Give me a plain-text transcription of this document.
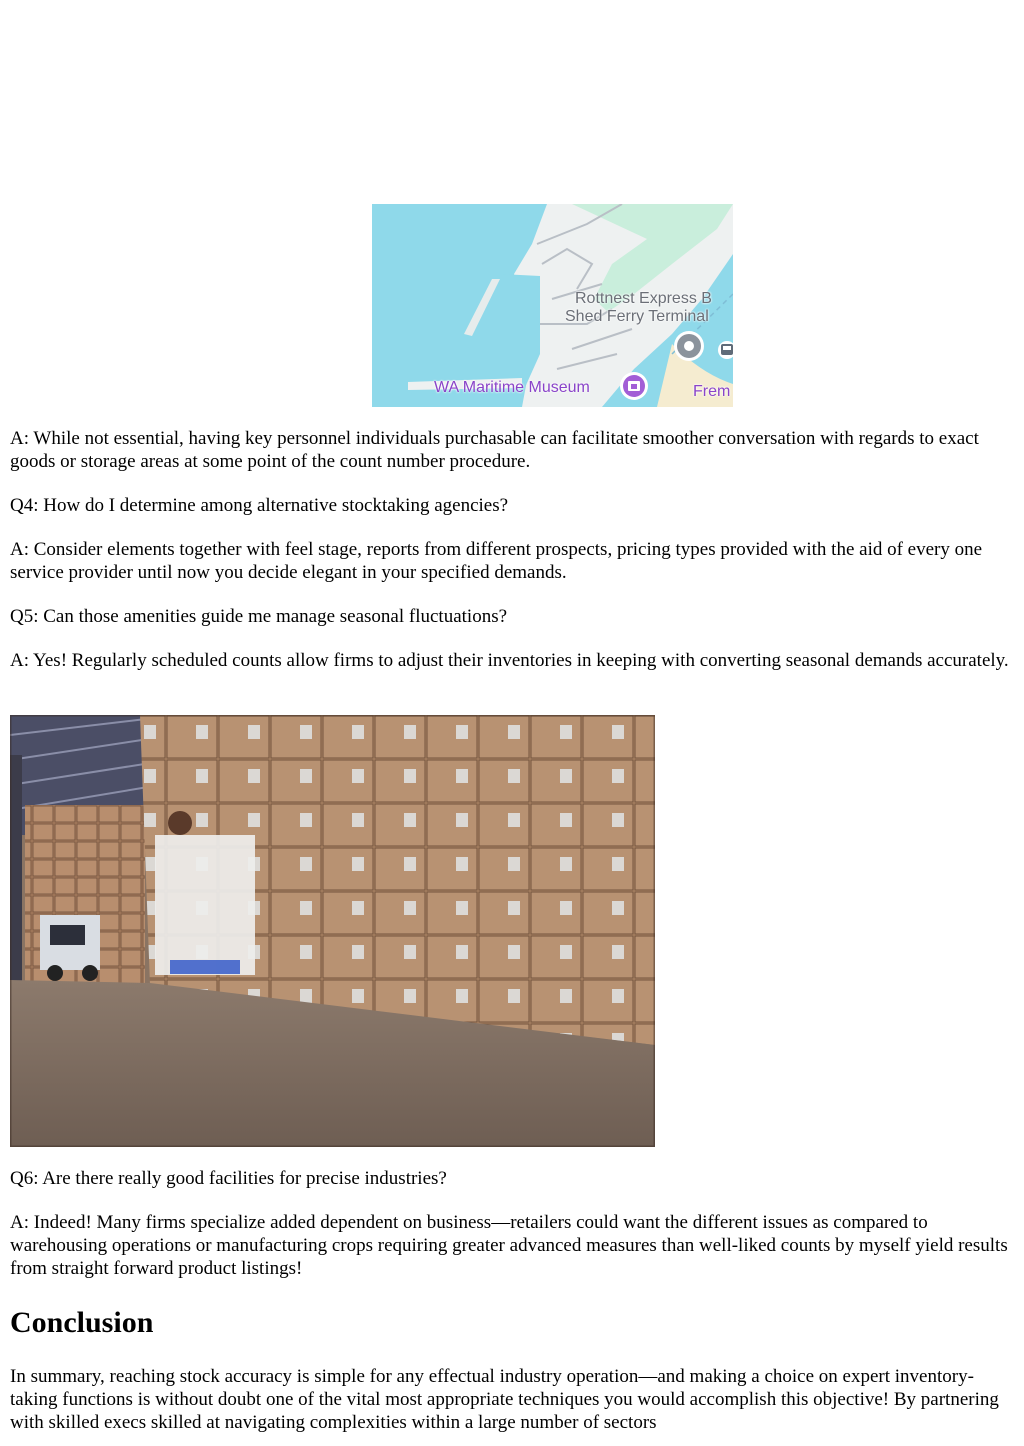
Rottnest Express B
Shed Ferry Terminal
WA Maritime Museum	Frem

A: While not essential, having key personnel individuals purchasable can facilitate smoother conversation with regards to exact goods or storage areas at some point of the count number procedure.

Q4: How do I determine among alternative stocktaking agencies?

A: Consider elements together with feel stage, reports from different prospects, pricing types provided with the aid of every one service provider until now you decide elegant in your specified demands.

Q5: Can those amenities guide me manage seasonal fluctuations?

A: Yes! Regularly scheduled counts allow firms to adjust their inventories in keeping with converting seasonal demands accurately.

Q6: Are there really good facilities for precise industries?

A: Indeed! Many firms specialize added dependent on business—retailers could want the different issues as compared to warehousing operations or manufacturing crops requiring greater advanced measures than well-liked counts by myself yield results from straight forward product listings!

Conclusion

In summary, reaching stock accuracy is simple for any effectual industry operation—and making a choice on expert inventory-taking functions is without doubt one of the vital most appropriate techniques you would accomplish this objective! By partnering with skilled execs skilled at navigating complexities within a large number of sectors
